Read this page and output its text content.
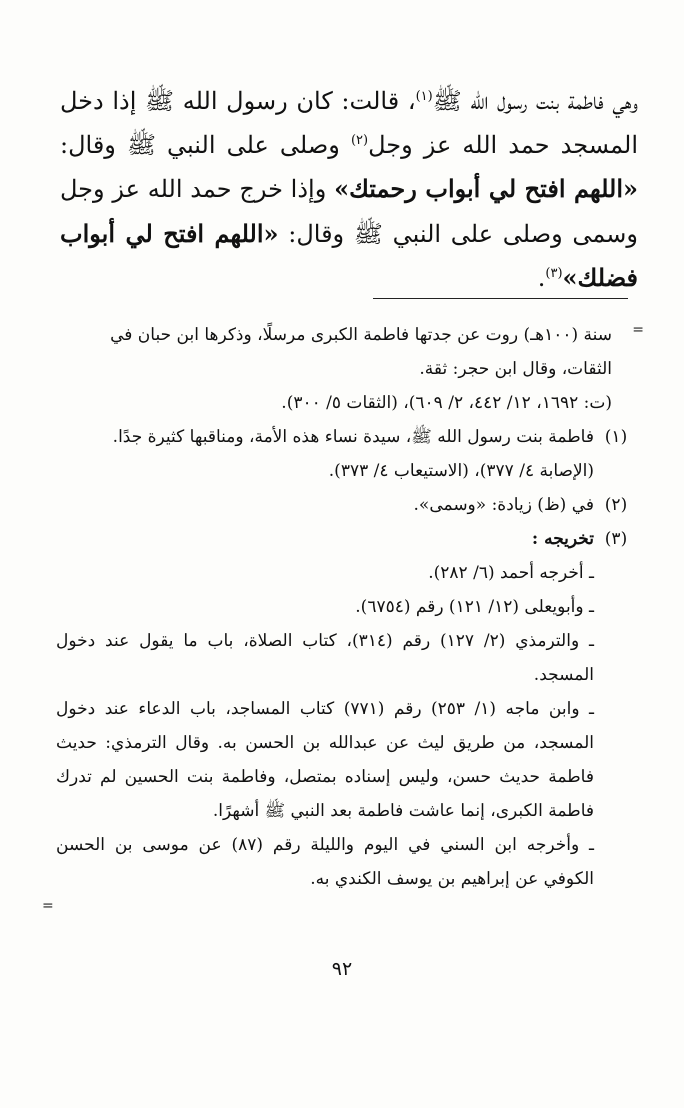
وهي فاطمة بنت رسول الله ﷺ$^{(١)}$، قالت: كان رسول الله ﷺ إذا دخل المسجد حمد الله عز وجل$^{(٢)}$ وصلى على النبي ﷺ وقال: «اللهم افتح لي أبواب رحمتك» وإذا خرج حمد الله عز وجل وسمى وصلى على النبي ﷺ وقال: «اللهم افتح لي أبواب فضلك»$^{(٣)}$.
=
سنة (١٠٠هـ) روت عن جدتها فاطمة الكبرى مرسلًا، وذكرها ابن حبان في
الثقات، وقال ابن حجر: ثقة.
(ت: ١٦٩٢، ١٢/ ٤٤٢، ٢/ ٦٠٩)، (الثقات ٥/ ٣٠٠).
(١)
فاطمة بنت رسول الله ﷺ، سيدة نساء هذه الأمة، ومناقبها كثيرة جدًا.
(الإصابة ٤/ ٣٧٧)، (الاستيعاب ٤/ ٣٧٣).
(٢)
في (ظ) زيادة: «وسمى».
(٣)
تخريجه :
ـ أخرجه أحمد (٦/ ٢٨٢).
ـ وأبويعلى (١٢/ ١٢١) رقم (٦٧٥٤).
ـ والترمذي (٢/ ١٢٧) رقم (٣١٤)، كتاب الصلاة، باب ما يقول عند دخول المسجد.
ـ وابن ماجه (١/ ٢٥٣) رقم (٧٧١) كتاب المساجد، باب الدعاء عند دخول المسجد، من طريق ليث عن عبدالله بن الحسن به. وقال الترمذي: حديث فاطمة حديث حسن، وليس إسناده بمتصل، وفاطمة بنت الحسين لم تدرك فاطمة الكبرى، إنما عاشت فاطمة بعد النبي ﷺ أشهرًا.
ـ وأخرجه ابن السني في اليوم والليلة رقم (٨٧) عن موسى بن الحسن الكوفي عن إبراهيم بن يوسف الكندي به.
=
٩٢
